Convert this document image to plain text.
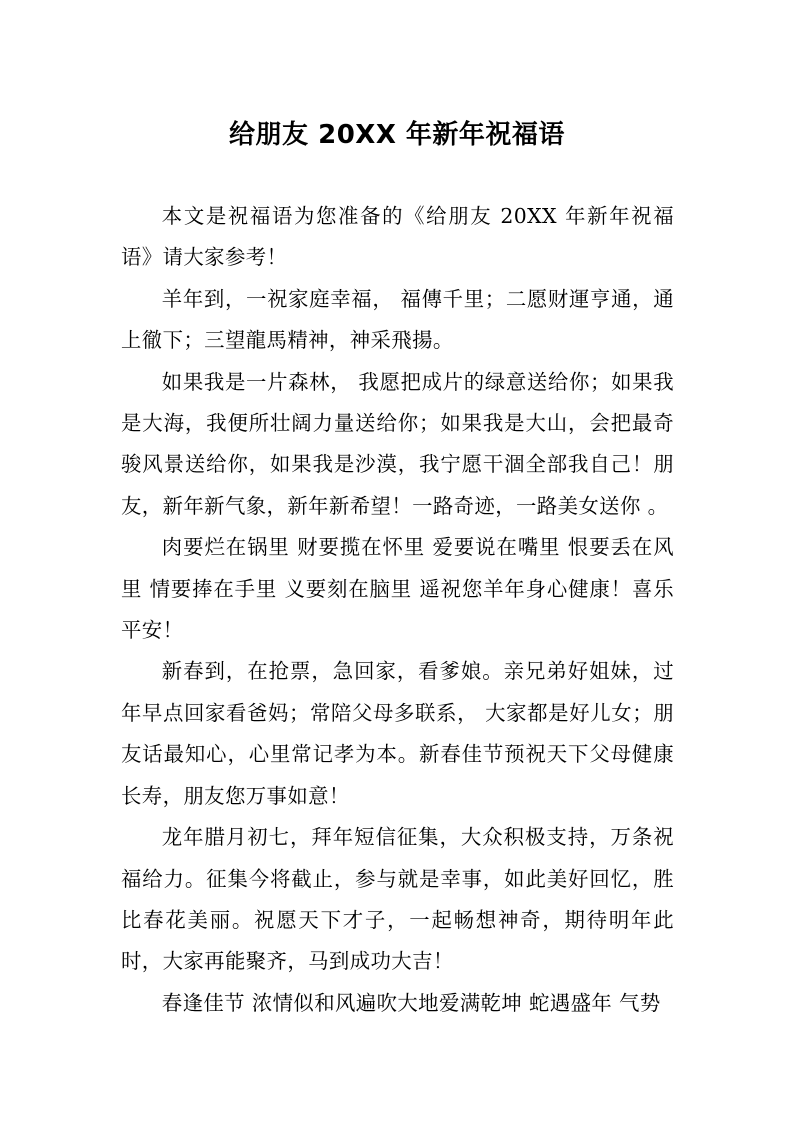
给朋友 20XX 年新年祝福语

本文是祝福语为您准备的《给朋友 20XX 年新年祝福语》请大家参考！

羊年到，一祝家庭幸福， 福傳千里；二愿财運亨通，通上徹下；三望龍馬精神，神采飛揚。

如果我是一片森林， 我愿把成片的绿意送给你；如果我是大海，我便所壮阔力量送给你；如果我是大山，会把最奇骏风景送给你，如果我是沙漠，我宁愿干涸全部我自己！朋友，新年新气象，新年新希望！一路奇迹，一路美女送你 。

肉要烂在锅里 财要揽在怀里 爱要说在嘴里 恨要丢在风里 情要捧在手里 义要刻在脑里 遥祝您羊年身心健康！喜乐平安！

新春到，在抢票，急回家，看爹娘。亲兄弟好姐妹，过年早点回家看爸妈；常陪父母多联系， 大家都是好儿女；朋友话最知心，心里常记孝为本。新春佳节预祝天下父母健康长寿，朋友您万事如意！

龙年腊月初七，拜年短信征集，大众积极支持，万条祝福给力。征集今将截止，参与就是幸事，如此美好回忆，胜比春花美丽。祝愿天下才子，一起畅想神奇，期待明年此时，大家再能聚齐，马到成功大吉！

春逢佳节 浓情似和风遍吹大地爱满乾坤 蛇遇盛年 气势
